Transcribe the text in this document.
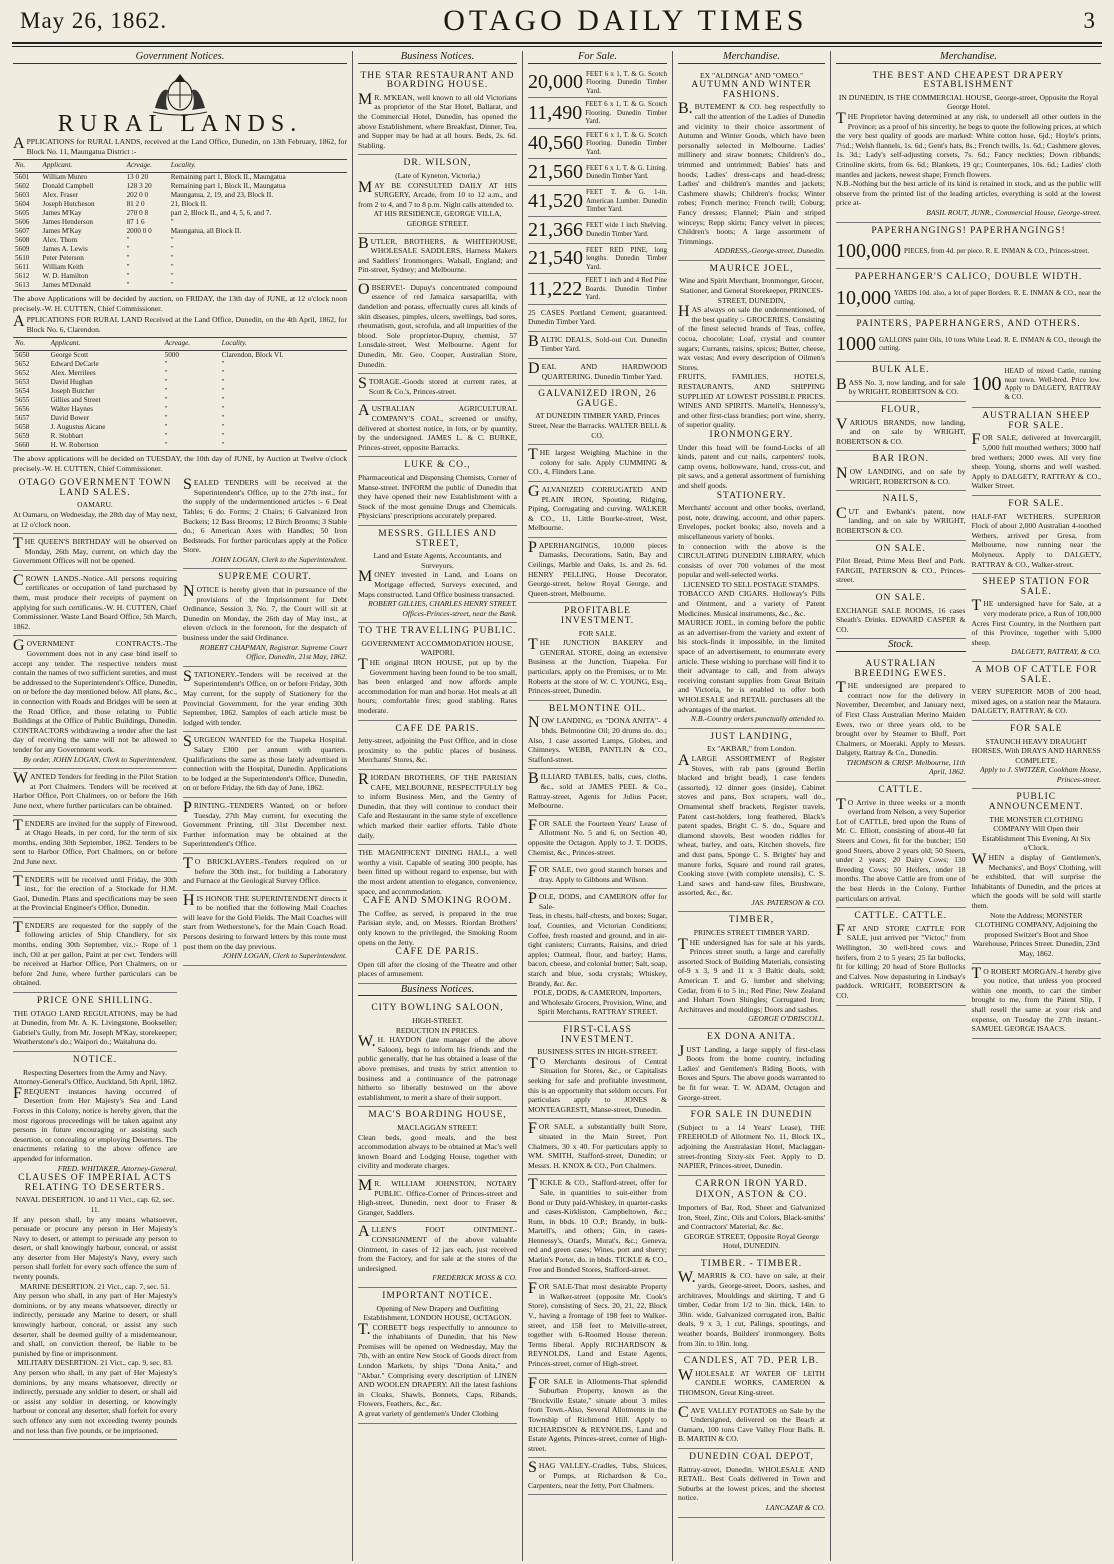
May 26, 1862.	OTAGO DAILY TIMES	3
Government Notices.
RURAL LANDS.

APPLICATIONS for RURAL LANDS, received at the Land Office, Dunedin, on 13th February, 1862, for Block No. 11, Maungatua District :-

No.	Applicant.	Acreage.	Locality.
5601	William Munro	13 0 20	Remaining part 1, Block II., Maungatua
5602	Donald Campbell	128 3 20	Remaining part 1, Block II., Maungatua
5603	Alex. Fraser	202 0 0	Maungatua, 2, 19, and 23, Block II.
5604	Joseph Hutcheson	81 2 0	21, Block II.
5605	James M'Kay	270 0 8	part 2, Block II., and 4, 5, 6, and 7.
5606	James Henderson	87 1 6	"
5607	James M'Kay	2000 0 0	Maungatua, all Block II.
5608	Alex. Thom	"	"
5609	James A. Lewis	"	"
5610	Peter Peterson	"	"
5611	William Keith	"	"
5612	W. D. Hamilton	"	"
5613	James M'Donald	"	"

The above Applications will be decided by auction, on FRIDAY, the 13th day of JUNE, at 12 o'clock noon precisely.-W. H. CUTTEN, Chief Commissioner.

APPLICATIONS FOR RURAL LAND Received at the Land Office, Dunedin, on the 4th April, 1862, for Block No. 6, Clarendon.

No.	Applicant.	Acreage.	Locality.
5650	George Scott	5000	Clarendon, Block VI.
5652	Edward DeCarle	"	"
5652	Alex. Merrilees	"	"
5653	David Hughan	"	"
5654	Joseph Butcher	"	"
5655	Gillies and Street	"	"
5656	Walter Haynes	"	"
5657	David Bower	"	"
5658	J. Augustus Aicane	"	"
5659	R. Stobbart	"	"
5660	H. W. Robertson	"	"

The above applications will be decided on TUESDAY, the 10th day of JUNE, by Auction at Twelve o'clock precisely.-W. H. CUTTEN, Chief Commissioner.

OTAGO GOVERNMENT TOWN LAND SALES.
OAMARU.
At Oamaru, on Wednesday, the 28th day of May next, at 12 o'clock noon.
THE QUEEN'S BIRTHDAY will be observed on Monday, 26th May, current, on which day the Government Offices will not be opened.
CROWN LANDS.-Notice.-All persons requiring certificates or occupation of land purchased by them, must produce their receipts of payment on applying for such certificates.-W. H. CUTTEN, Chief Commissioner. Waste Land Board Office, 5th March, 1862.
GOVERNMENT CONTRACTS.-The Government does not in any case bind itself to accept any tender. The respective tenders must contain the names of two sufficient sureties, and must be addressed to the Superintendent's Office, Dunedin, on or before the day mentioned below. All plans, &c., in connection with Roads and Bridges will be seen at the Road Office, and those relating to Public Buildings at the Office of Public Buildings, Dunedin. CONTRACTORS withdrawing a tender after the last day of receiving the same will not be allowed to tender for any Government work.
By order, JOHN LOGAN, Clerk to Superintendent.
WANTED Tenders for feeding in the Pilot Station at Port Chalmers. Tenders will be received at Harbor Office, Port Chalmers, on or before the 16th June next, where further particulars can be obtained.
TENDERS are invited for the supply of Firewood, at Otago Heads, in per cord, for the term of six months, ending 30th September, 1862. Tenders to be sent to Harbor Office, Port Chalmers, on or before 2nd June next.
TENDERS will be received until Friday, the 30th inst., for the erection of a Stockade for H.M. Gaol, Dunedin. Plans and specifications may be seen at the Provincial Engineer's Office, Dunedin.
TENDERS are requested for the supply of the following articles of Ship Chandlery, for six months, ending 30th September, viz.:- Rope of 1 inch, Oil at per gallon, Paint at per cwt. Tenders will be received at Harbor Office, Port Chalmers, on or before 2nd June, where further particulars can be obtained.
PRICE ONE SHILLING.
THE OTAGO LAND REGULATIONS, may be had at Dunedin, from Mr. A. K. Livingstone, Bookseller; Gabriel's Gully, from Mr. Joseph M'Kay, storekeeper; Weatherstone's do.; Waipori do.; Waitahuna do.
NOTICE.
Respecting Deserters from the Army and Navy. Attorney-General's Office, Auckland, 5th April, 1862.
FREQUENT instances having occurred of Desertion from Her Majesty's Sea and Land Forces in this Colony, notice is hereby given, that the most rigorous proceedings will be taken against any persons in future encouraging or assisting such desertion, or concealing or employing Deserters. The enactments relating to the above offence are appended for information.
FRED. WHITAKER, Attorney-General.
CLAUSES OF IMPERIAL ACTS RELATING TO DESERTERS.
NAVAL DESERTION. 10 and 11 Vict., cap. 62, sec. 11.
If any person shall, by any means whatsoever, persuade or procure any person in Her Majesty's Navy to desert, or attempt to persuade any person to desert, or shall knowingly harbour, conceal, or assist any deserter from Her Majesty's Navy, every such person shall forfeit for every such offence the sum of twenty pounds.
MARINE DESERTION. 21 Vict., cap. 7, sec. 51.
Any person who shall, in any part of Her Majesty's dominions, or by any means whatsoever, directly or indirectly, persuade any Marine to desert, or shall knowingly harbour, conceal, or assist any such deserter, shall be deemed guilty of a misdemeanour, and shall, on conviction thereof, be liable to be punished by fine or imprisonment.
MILITARY DESERTION. 21 Vict., cap. 9, sec. 83.
Any person who shall, in any part of Her Majesty's dominions, by any means whatsoever, directly or indirectly, persuade any soldier to desert, or shall aid or assist any soldier in deserting, or knowingly harbour or conceal any deserter, shall forfeit for every such offence any sum not exceeding twenty pounds and not less than five pounds, or be imprisoned.
SEALED TENDERS will be received at the Superintendent's Office, up to the 27th inst., for the supply of the undermentioned articles :- 6 Deal Tables; 6 do. Forms; 2 Chairs; 6 Galvanized Iron Buckets; 12 Bass Brooms; 12 Birch Brooms; 3 Stable do.; 6 American Axes with Handles; 50 Iron Bedsteads. For further particulars apply at the Police Store.
JOHN LOGAN, Clerk to the Superintendent.
SUPREME COURT.
NOTICE is hereby given that in pursuance of the provisions of the Imprisonment for Debt Ordinance, Session 3, No. 7, the Court will sit at Dunedin on Monday, the 26th day of May inst., at eleven o'clock in the forenoon, for the despatch of business under the said Ordinance.
ROBERT CHAPMAN, Registrar. Supreme Court Office, Dunedin, 21st May, 1862.
STATIONERY.-Tenders will be received at the Superintendent's Office, on or before Friday, 30th May current, for the supply of Stationery for the Provincial Government, for the year ending 30th September, 1862. Samples of each article must be lodged with tender.
SURGEON WANTED for the Tuapeka Hospital. Salary £300 per annum with quarters. Qualifications the same as those lately advertised in connection with the Hospital, Dunedin. Applications to be lodged at the Superintendent's Office, Dunedin, on or before Friday, the 6th day of June, 1862.
PRINTING.-TENDERS Wanted, on or before Tuesday, 27th May current, for executing the Government Printing, till 31st December next. Further information may be obtained at the Superintendent's Office.
TO BRICKLAYERS.-Tenders required on or before the 30th inst., for building a Laboratory and Furnace at the Geological Survey Office.
HIS HONOR THE SUPERINTENDENT directs it to be notified that the following Mail Coaches will leave for the Gold Fields. The Mail Coaches will start from Wetherstone's, for the Main Coach Road. Persons desiring to forward letters by this route must post them on the day previous.
JOHN LOGAN, Clerk to Superintendent.
Business Notices.
THE STAR RESTAURANT AND BOARDING HOUSE.
MR. M'KEAN, well known to all old Victorians as proprietor of the Star Hotel, Ballarat, and the Commercial Hotel, Dunedin, has opened the above Establishment, where Breakfast, Dinner, Tea, and Supper may be had at all hours. Beds, 2s. 6d. Stabling.
DR. WILSON,
(Late of Kyneton, Victoria,)
MAY BE CONSULTED DAILY AT HIS SURGERY, Arcade, from 10 to 12 a.m., and from 2 to 4, and 7 to 8 p.m. Night calls attended to.
AT HIS RESIDENCE, GEORGE VILLA, GEORGE STREET.
BUTLER, BROTHERS, & WHITEHOUSE, WHOLESALE SADDLERS, Harness Makers and Saddlers' Ironmongers. Walsall, England; and Pitt-street, Sydney; and Melbourne.
OBSERVE!- Dupuy's concentrated compound essence of red Jamaica sarsaparilla, with dandelion and potass, effectually cures all kinds of skin diseases, pimples, ulcers, swellings, bad sores, rheumatism, gout, scrofula, and all impurities of the blood. Sole proprietor-Dupuy, chemist, 57 Lonsdale-street, West Melbourne. Agent for Dunedin, Mr. Geo. Cooper, Australian Store, Dunedin.
STORAGE.-Goods stored at current rates, at Scott & Co.'s, Princes-street.
AUSTRALIAN AGRICULTURAL COMPANY'S COAL, screened or unsifty, delivered at shortest notice, in lots, or by quantity, by the undersigned. JAMES L. & C. BURKE, Princes-street, opposite Barracks.
LUKE & CO.,
Pharmaceutical and Dispensing Chemists, Corner of Manse-street. INFORM the public of Dunedin that they have opened their new Establishment with a Stock of the most genuine Drugs and Chemicals. Physicians' prescriptions accurately prepared.
MESSRS. GILLIES AND STREET,
Land and Estate Agents, Accountants, and Surveyors.
MONEY invested in Land, and Loans on Mortgage effected, Surveys executed, and Maps constructed. Land Office business transacted.
ROBERT GILLIES, CHARLES HENRY STREET. Offices-Princes-street, near the Bank.
TO THE TRAVELLING PUBLIC.
GOVERNMENT ACCOMMODATION HOUSE, WAIPORI.
THE original IRON HOUSE, put up by the Government having been found to be too small, has been enlarged and now affords ample accommodation for man and horse. Hot meals at all hours; comfortable fires; good stabling. Rates moderate.
CAFE DE PARIS.
Jetty-street, adjoining the Post Office, and in close proximity to the public places of business. Merchants' Stores, &c.
RIORDAN BROTHERS, OF THE PARISIAN CAFE, MELBOURNE, RESPECTFULLY beg to inform Business Men, and the Gentry of Dunedin, that they will continue to conduct their Cafe and Restaurant in the same style of excellence which marked their earlier efforts. Table d'hote daily.
THE MAGNIFICENT DINING HALL, a well worthy a visit. Capable of seating 300 people, has been fitted up without regard to expense, but with the most ardent attention to elegance, convenience, space, and accommodation.
CAFE AND SMOKING ROOM.
The Coffee, as served, is prepared in the true Parisian style, and, on Messrs. Riordan Brothers' only known to the privileged, the Smoking Room opens on the Jetty.
CAFE DE PARIS.
Open till after the closing of the Theatre and other places of amusement.
Business Notices.
CITY BOWLING SALOON,
HIGH-STREET.
REDUCTION IN PRICES.
W.H. HAYDON (late manager of the above Saloon), begs to inform his friends and the public generally, that he has obtained a lease of the above premises, and trusts by strict attention to business and a continuance of the patronage hitherto so liberally bestowed on the above establishment, to merit a share of their support.
MAC'S BOARDING HOUSE,
MACLAGGAN STREET.
Clean beds, good meals, and the best accommodation always to be obtained at Mac's well known Board and Lodging House, together with civility and moderate charges.
MR. WILLIAM JOHNSTON, NOTARY PUBLIC. Office-Corner of Princes-street and High-street, Dunedin, next door to Fraser & Granger, Saddlers.
ALLEN'S FOOT OINTMENT.-CONSIGNMENT of the above valuable Ointment, in cases of 12 jars each, just received from the Factory, and for sale at the stores of the undersigned.
FREDERICK MOSS & CO.
IMPORTANT NOTICE.
Opening of New Drapery and Outfitting Establishment, LONDON HOUSE, OCTAGON.
T.CORBETT begs respectfully to announce to the inhabitants of Dunedin, that his New Premises will be opened on Wednesday, May the 7th, with an entire New Stock of Goods direct from London Markets, by ships "Dona Anita," and "Akbar." Comprising every description of LINEN AND WOOLEN DRAPERY. All the latest fashions in Cloaks, Shawls, Bonnets, Caps, Ribands, Flowers, Feathers, &c., &c.
A great variety of gentlemen's Under Clothing
For Sale.
20,000 FEET 6 x 1, T. & G. Scotch Flooring. Dunedin Timber Yard.
11,490 FEET 6 x 1, T. & G. Scotch Flooring. Dunedin Timber Yard.
40,560 FEET 6 x 1, T. & G. Scotch Flooring. Dunedin Timber Yard.
21,560 FEET 6 x 1, T. & G. Lining. Dunedin Timber Yard.
41,520 FEET T. & G. 1-in. American Lumber. Dunedin Timber Yard.
21,366 FEET wide 1 inch Shelving. Dunedin Timber Yard.
21,540 FEET RED PINE, long lengths. Dunedin Timber Yard.
11,222 FEET 1 inch and 4 Red Pine Boards. Dunedin Timber Yard.
25 CASES Portland Cement, guaranteed. Dunedin Timber Yard.
BALTIC DEALS, Sold-out Cut. Dunedin Timber Yard.
DEAL AND HARDWOOD QUARTERING. Dunedin Timber Yard.
GALVANIZED IRON, 26 GAUGE.
AT DUNEDIN TIMBER YARD, Princes Street, Near the Barracks. WALTER BELL & CO.
THE largest Weighing Machine in the colony for sale. Apply CUMMING & CO., 4, Flinders Lane.
GALVANIZED CORRUGATED AND PLAIN IRON, Spouting, Ridging, Piping, Corrugating and curving. WALKER & CO., 11, Little Bourke-street, West, Melbourne.
PAPERHANGINGS, 10,000 pieces Damasks, Decorations, Satin, Bay and Ceilings, Marble and Oaks, 1s. and 2s. 6d. HENRY PELLING, House Decorator, George-street, below Royal George, and Queen-street, Melbourne.
PROFITABLE INVESTMENT.
FOR SALE.
THE JUNCTION BAKERY and GENERAL STORE, doing an extensive Business at the Junction, Tuapeka. For particulars, apply on the Premises, or to Mr. Roberts at the store of W. C. YOUNG, Esq., Princes-street, Dunedin.
BELMONTINE OIL.
NOW LANDING, ex "DONA ANITA"- 4 bhds. Belmontine Oil; 20 drums do. do.; Also, 1 case assorted Lamps, Globes, and Chimneys. WEBB, PANTLIN & CO., Stafford-street.
BILLIARD TABLES, balls, cues, cloths, &c., sold at JAMES PEEL & Co., Rattray-street, Agents for Julius Pacer, Melbourne.
FOR SALE the Fourteen Years' Lease of Allotment No. 5 and 6, on Section 40, opposite the Octagon. Apply to J. T. DODS, Chemist, &c., Princes-street.
FOR SALE, two good staunch horses and dray. Apply to Gibbons and Wilson.
POLE, DODS, and CAMERON offer for Sale-
Teas, in chests, half-chests, and boxes; Sugar, loaf, Counties, and Victorian Conditions; Coffee, fresh roasted and ground, and in air-tight canisters; Currants, Raisins, and dried apples; Oatmeal, flour, and barley; Hams, bacon, cheese, and colonial butter; Salt, soap, starch and blue, soda crystals; Whiskey, Brandy, &c. &c.
POLE, DODS, & CAMERON, Importers, and Wholesale Grocers, Provision, Wine, and Spirit Merchants, RATTRAY STREET.
FIRST-CLASS INVESTMENT.
BUSINESS SITES IN HIGH-STREET.
TO Merchants desirous of Central Situation for Stores, &c., or Capitalists seeking for safe and profitable investment, this is an opportunity that seldom occurs. For particulars apply to JONES & MONTEAGRESTI, Manse-street, Dunedin.
FOR SALE, a substantially built Store, situated in the Main Street, Port Chalmers, 30 x 40. For particulars apply to WM. SMITH, Stafford-street, Dunedin; or Messrs. H. KNOX & CO., Port Chalmers.
TICKLE & CO., Stafford-street, offer for Sale, in quantities to suit-either from Bond or Duty paid-Whiskey, in quarter-casks and cases-Kirkliston, Campbeltown, &c.; Rum, in bbds. 10 O.P.; Brandy, in bulk-Martell's, and others; Gin, in cases-Hennessy's, Otard's, Murat's, &c.; Geneva, red and green cases; Wines, port and sherry; Marlin's Porter, do. in bhds. TICKLE & CO., Free and Bonded Stores, Stafford-street.
FOR SALE-That most desirable Property in Walker-street (opposite Mr. Cook's Store), consisting of Secs. 20, 21, 22, Block V., having a frontage of 198 feet to Walker-street, and 158 feet to Melville-street, together with 6-Roomed House thereon. Terms liberal. Apply RICHARDSON & REYNOLDS, Land and Estate Agents, Princes-street, corner of High-street.
FOR SALE in Allotments-That splendid Suburban Property, known as the "Brockville Estate," situate about 3 miles from Town.-Also, Several Allotments in the Township of Richmond Hill. Apply to RICHARDSON & REYNOLDS, Land and Estate Agents, Princes-street, corner of High-street.
SHAG VALLEY.-Cradles, Tubs, Sluices, or Pumps, at Richardson & Co., Carpenters, near the Jetty, Port Chalmers.
Merchandise.
EX "ALDINGA" AND "OMEO."
AUTUMN AND WINTER FASHIONS.
B.BUTEMENT & CO. beg respectfully to call the attention of the Ladies of Dunedin and vicinity to their choice assortment of Autumn and Winter Goods, which have been personally selected in Melbourne. Ladies' millinery and straw bonnets; Children's do., trimmed and untrimmed; Babies' hats and hoods; Ladies' dress-caps and head-dress; Ladies' and children's mantles and jackets; Cashmere shawls; Children's frocks; Winter robes; French merino; French twill; Coburg; Fancy dresses; Flannel; Plain and striped winceys; Repp skirts; Fancy velvet in pieces; Children's boots; A large assortment of Trimmings.
ADDRESS,-George-street, Dunedin.
MAURICE JOEL,
Wine and Spirit Merchant, Ironmonger, Grocer, Stationer, and General Storekeeper, PRINCES-STREET, DUNEDIN,
HAS always on sale the undermentioned, of the best quality :- GROCERIES. Consisting of the finest selected brands of Teas, coffee, cocoa, chocolate; Loaf, crystal and counter sugars; Currants, raisins, spices; Butter, cheese, wax vestas; And every description of Oilmen's Stores.
FRUITS, FAMILIES, HOTELS, RESTAURANTS, AND SHIPPING SUPPLIED AT LOWEST POSSIBLE PRICES. WINES AND SPIRITS. Martell's, Hennessy's, and other first-class brandies; port wine, sherry, of superior quality.
IRONMONGERY.
Under this head will be found-Locks of all kinds, patent and cut nails, carpenters' tools, camp ovens, hollowware, hand, cross-cut, and pit saws, and a general assortment of furnishing and shelf goods.
STATIONERY.
Merchants' account and other books, overland, post, note, drawing, account, and other papers. Envelopes, pocket books; also, novels and a miscellaneous variety of books.
In connection with the above is the CIRCULATING DUNEDIN LIBRARY, which consists of over 700 volumes of the most popular and well-selected works.
LICENSED TO SELL POSTAGE STAMPS.
TOBACCO AND CIGARS. Holloway's Pills and Ointment, and a variety of Patent Medicines. Musical instruments, &c., &c.
MAURICE JOEL, in coming before the public as an advertiser-from the variety and extent of his stock-finds it impossible, in the limited space of an advertisement, to enumerate every article. These wishing to purchase will find it to their advantage to call, and from always receiving constant supplies from Great Britain and Victoria, he is enabled to offer both WHOLESALE and RETAIL purchasers all the advantages of the market.
N.B.-Country orders punctually attended to.
JUST LANDING,
Ex "AKBAR," from London.
ALARGE ASSORTMENT of Register Stoves, with rab pans (ground Berlin blacked and bright bead), 1 case fenders (assorted), 12 dinner goes (inside), Cabinet stoves and pans, Box scrapers, wall do., Ornamental shelf brackets, Register travels, Patent cast-holders, long feathered, Black's patent spades, Bright C. S. do., Square and diamond shovels, Best wooden riddles for wheat, barley, and oats, Kitchen shovels, fire and dust pans, Sponge C. S. Brights' hay and manure forks, Square and round rail grates, Cooking stove (with complete utensils), C. S. Land saws and hand-saw files, Brushware, assorted, &c., &c.
JAS. PATERSON & CO.
TIMBER,
PRINCES STREET TIMBER YARD.
THE undersigned has for sale at his yards, Princes street south, a large and carefully assorted Stock of Building Materials, consisting of-9 x 3, 9 and 11 x 3 Baltic deals, sold; American T. and G. lumber and shelving; Cedar, from 6 to 5 in.; Red Pine; New Zealand and Hobart Town Shingles; Corrugated Iron; Architraves and mouldings; Doors and sashes.
GEORGE O'DRISCOLL.
EX DONA ANITA.
JUST Landing, a large supply of first-class Boots from the home country, including Ladies' and Gentlemen's Riding Boots, with Boxes and Spurs. The above goods warranted to be fit for wear. T. W. ADAM, Octagon and George-street.
FOR SALE IN DUNEDIN
(Subject to a 14 Years' Lease), THE FREEHOLD of Allotment No. 11, Block IX., adjoining the Australasian Hotel, Maclaggan-street-fronting Sixty-six Feet. Apply to D. NAPIER, Princes-street, Dunedin.
CARRON IRON YARD.
DIXON, ASTON & CO.
Importers of Bar, Rod, Sheet and Galvanized Iron, Steel, Zinc, Oils and Colors, Black-smiths' and Contractors' Material, &c. &c.
GEORGE STREET, Opposite Royal George Hotel, DUNEDIN.
TIMBER. - TIMBER.
W.MARRIS & CO. have on sale, at their yards, George-street, Doors, sashes, and architraves, Mouldings and skirting, T and G timber, Cedar from 1/2 to 3in. thick, 14in. to 30in. wide, Galvanized corrugated iron, Baltic deals, 9 x 3, 1 cut, Palings, spoutings, and weather boards, Builders' ironmongery. Bolts from 3in. to 18in. long.
CANDLES, AT 7D. PER LB.
WHOLESALE AT WATER OF LEITH CANDLE WORKS, CAMERON & THOMSON, Great King-street.
CAVE VALLEY POTATOES on Sale by the Undersigned, delivered on the Beach at Oamaru, 100 tons Cave Valley Flour Balls. R. B. MARTIN & CO.
DUNEDIN COAL DEPOT,
Rattray-street, Dunedin. WHOLESALE AND RETAIL. Best Coals delivered in Town and Suburbs at the lowest prices, and the shortest notice.
LANCAZAR & CO.
Merchandise.
THE BEST AND CHEAPEST DRAPERY ESTABLISHMENT
IN DUNEDIN, IS THE COMMERCIAL HOUSE, George-street, Opposite the Royal George Hotel.
THE Proprietor having determined at any risk, to undersell all other outlets in the Province; as a proof of his sincerity, he begs to quote the following prices, at which the very best quality of goods are marked: White cotton hose, 6jd.; Hoyle's prints, 7½d.; Welsh flannels, 1s. 6d.; Gent's hats, 8s.; French twills, 1s. 6d.; Cashmere gloves, 1s. 3d.; Lady's self-adjusting corsets, 7s. 6d.; Fancy neckties; Down ribbands; Crinoline skirts, from 6s. 6d.; Blankets, 19 qr.; Counterpanes, 10s. 6d.; Ladies' cloth mantles and jackets, newest shape; French flowers.
N.B.-Nothing but the best article of its kind is retained in stock, and as the public will observe from the printed list of the leading articles, everything is sold at the lowest price at-
BASIL ROUT, JUNR., Commercial House, George-street.
PAPERHANGINGS! PAPERHANGINGS!
100,000 PIECES, from 4d. per piece. R. E. INMAN & CO., Princes-street.
PAPERHANGER'S CALICO, DOUBLE WIDTH.
10,000 YARDS 10d. also, a lot of paper Borders. R. E. INMAN & CO., near the cutting.
PAINTERS, PAPERHANGERS, AND OTHERS.
1000 GALLONS paint Oils, 10 tons White Lead. R. E. INMAN & CO., through the cutting.
BULK ALE.
BASS No. 3, now landing, and for sale by WRIGHT, ROBERTSON & CO.
FLOUR,
VARIOUS BRANDS, now landing, and on sale by WRIGHT, ROBERTSON & CO.
BAR IRON.
NOW LANDING, and on sale by WRIGHT, ROBERTSON & CO.
NAILS,
CUT and Ewbank's patent, now landing, and on sale by WRIGHT, ROBERTSON & CO.
ON SALE.
Pilot Bread, Prime Mess Beef and Pork. FARGIE, PATERSON & CO., Princes-street.
ON SALE.
EXCHANGE SALE ROOMS, 16 cases Sheath's Drinks. EDWARD CASPER & CO.
Stock.
AUSTRALIAN BREEDING EWES.
THE undersigned are prepared to contract now for the delivery in November, December, and January next, of First Class Australian Merino Maiden Ewes, two or three years old, to be brought over by Steamer to Bluff, Port Chalmers, or Moeraki. Apply to Messrs. Dalgety, Rattray & Co., Dunedin.
THOMSON & CRISP. Melbourne, 11th April, 1862.
CATTLE.
TO Arrive in three weeks or a month overland from Nelson, a very Superior Lot of CATTLE, bred upon the Runs of Mr. C. Elliott, consisting of about-40 fat Steers and Cows, fit for the butcher; 150 good Steers, above 2 years old; 50 Steers, under 2 years; 20 Dairy Cows; 130 Breeding Cows; 50 Heifers, under 18 months. The above Cattle are from one of the best Herds in the Colony. Further particulars on arrival.
CATTLE. CATTLE.
FAT AND STORE CATTLE FOR SALE, just arrived per "Victor," from Wellington, 30 well-bred cows and heifers, from 2 to 5 years; 25 fat bullocks, fit for killing; 20 head of Store Bullocks and Calves. Now depasturing in Lindsay's paddock. WRIGHT, ROBERTSON & CO.
100
HEAD of mixed Cattle, running near town. Well-bred. Price low. Apply to DALGETY, RATTRAY & CO.
AUSTRALIAN SHEEP FOR SALE.
FOR SALE, delivered at Invercargill, 5,000 full mouthed wethers; 3000 half bred wethers; 2000 ewes. All very fine sheep. Young, shorns and well washed. Apply to DALGETY, RATTRAY & CO., Walker Street.
FOR SALE.
HALF-FAT WETHERS. SUPERIOR Flock of about 2,000 Australian 4-toothed Wethers, arrived per Gresa, from Melbourne, now running near the Molyneux. Apply to DALGETY, RATTRAY & CO., Walker-street.
SHEEP STATION FOR SALE.
THE undersigned have for Sale, at a very moderate price, a Run of 100,000 Acres First Country, in the Northern part of this Province, together with 5,000 sheep.
DALGETY, RATTRAY, & CO.
A MOB OF CATTLE FOR SALE.
VERY SUPERIOR MOB of 200 head, mixed ages, on a station near the Mataura. DALGETY, RATTRAY, & CO.
FOR SALE
STAUNCH HEAVY DRAUGHT HORSES, With DRAYS AND HARNESS COMPLETE.
Apply to J. SWITZER, Cookham House, Princes-street.
PUBLIC ANNOUNCEMENT.
THE MONSTER CLOTHING COMPANY Will Open their Establishment This Evening, At Six o'Clock.
WHEN a display of Gentlemen's, Mechanics', and Boys' Clothing, will be exhibited, that will surprise the Inhabitants of Dunedin, and the prices at which the goods will be sold will startle them.
Note the Address; MONSTER CLOTHING COMPANY, Adjoining the proposed Switzer's Boot and Shoe Warehouse, Princes Street. Dunedin, 23rd May, 1862.
TO ROBERT MORGAN.-I hereby give you notice, that unless you proceed within one month, to cart the timber brought to me, from the Patent Slip, I shall resell the same at your risk and expense, on Tuesday the 27th instant.-SAMUEL GEORGE ISAACS.
